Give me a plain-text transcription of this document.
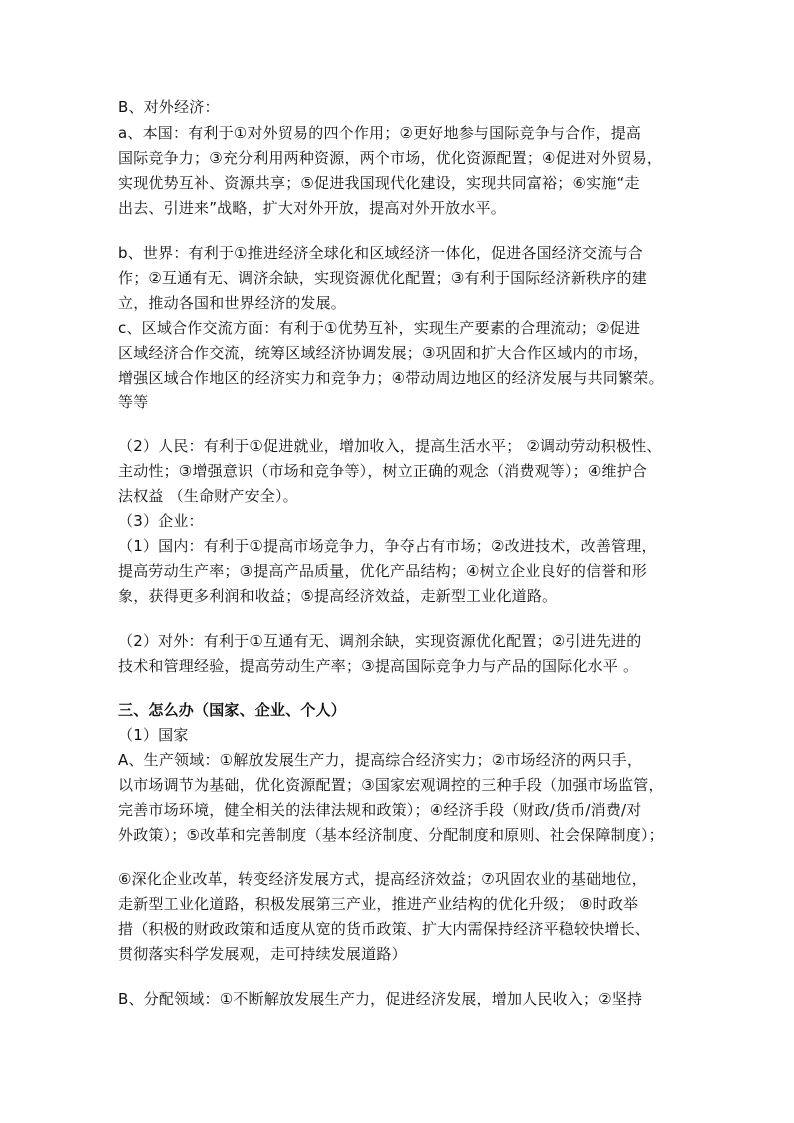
B、对外经济：
a、本国：有利于①对外贸易的四个作用；②更好地参与国际竞争与合作，提高
国际竞争力；③充分利用两种资源，两个市场，优化资源配置；④促进对外贸易，
实现优势互补、资源共享；⑤促进我国现代化建设，实现共同富裕；⑥实施“走
出去、引进来”战略，扩大对外开放，提高对外开放水平。
b、世界：有利于①推进经济全球化和区域经济一体化，促进各国经济交流与合
作；②互通有无、调济余缺，实现资源优化配置；③有利于国际经济新秩序的建
立，推动各国和世界经济的发展。
c、区域合作交流方面：有利于①优势互补，实现生产要素的合理流动；②促进
区域经济合作交流，统筹区域经济协调发展；③巩固和扩大合作区域内的市场，
增强区域合作地区的经济实力和竞争力；④带动周边地区的经济发展与共同繁荣。
等等
（2）人民：有利于①促进就业，增加收入，提高生活水平； ②调动劳动积极性、
主动性；③增强意识（市场和竞争等），树立正确的观念（消费观等）；④维护合
法权益 （生命财产安全）。
（3）企业：
（1）国内：有利于①提高市场竞争力，争夺占有市场；②改进技术，改善管理，
提高劳动生产率；③提高产品质量，优化产品结构；④树立企业良好的信誉和形
象，获得更多利润和收益；⑤提高经济效益，走新型工业化道路。
（2）对外：有利于①互通有无、调剂余缺，实现资源优化配置；②引进先进的
技术和管理经验，提高劳动生产率；③提高国际竞争力与产品的国际化水平 。
三、怎么办（国家、企业、个人）
（1）国家
A、生产领域：①解放发展生产力，提高综合经济实力；②市场经济的两只手，
以市场调节为基础，优化资源配置；③国家宏观调控的三种手段（加强市场监管，
完善市场环境，健全相关的法律法规和政策）；④经济手段（财政/货币/消费/对
外政策）；⑤改革和完善制度（基本经济制度、分配制度和原则、社会保障制度）；
⑥深化企业改革，转变经济发展方式，提高经济效益；⑦巩固农业的基础地位，
走新型工业化道路，积极发展第三产业，推进产业结构的优化升级； ⑧时政举
措（积极的财政政策和适度从宽的货币政策、扩大内需保持经济平稳较快增长、
贯彻落实科学发展观，走可持续发展道路）
B、分配领域：①不断解放发展生产力，促进经济发展，增加人民收入；②坚持
